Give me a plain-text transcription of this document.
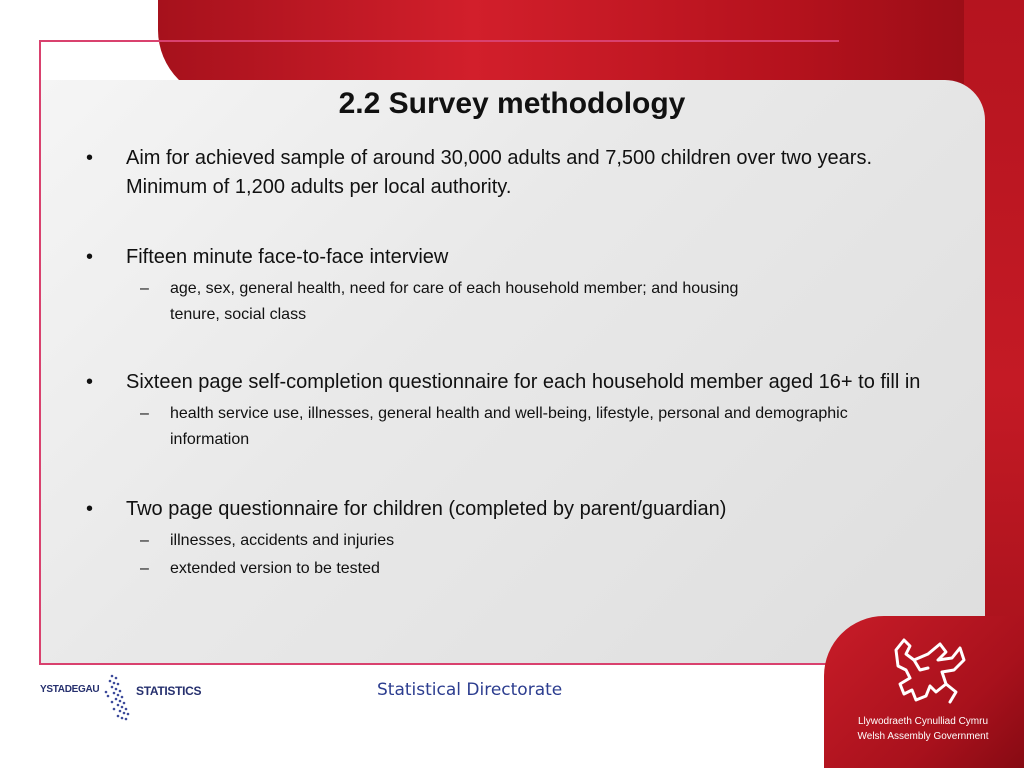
2.2 Survey methodology
•	Aim for achieved sample of around 30,000 adults and 7,500 children over two years. Minimum of 1,200 adults per local authority.
•	Fifteen minute face-to-face interview
– age, sex, general health, need for care of each household member; and housing tenure, social class
•	Sixteen page self-completion questionnaire for each household member aged 16+ to fill in
– health service use, illnesses, general health and well-being, lifestyle, personal and demographic information
•	Two page questionnaire for children (completed by parent/guardian)
– illnesses, accidents and injuries
– extended version to be tested
Statistical Directorate
YSTADEGAU	STATISTICS
Llywodraeth Cynulliad Cymru
Welsh Assembly Government
